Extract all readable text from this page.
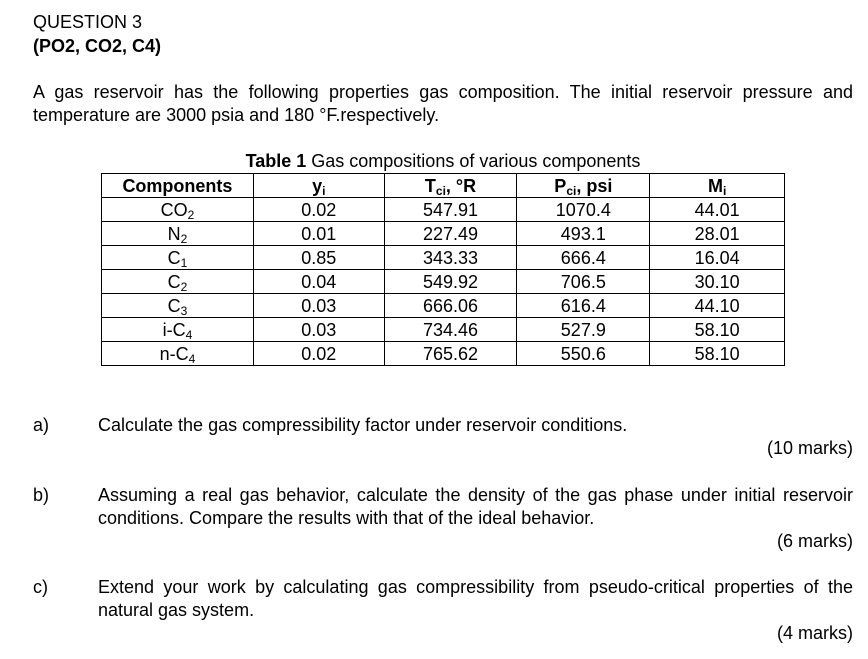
QUESTION 3
(PO2, CO2, C4)

A gas reservoir has the following properties gas composition. The initial reservoir pressure and temperature are 3000 psia and 180 °F.respectively.

Table 1 Gas compositions of various components
Components	$y_i$	$T_{ci}$, °R	$P_{ci}$, psi	$M_i$
$CO_2$	0.02	547.91	1070.4	44.01
$N_2$	0.01	227.49	493.1	28.01
$C_1$	0.85	343.33	666.4	16.04
$C_2$	0.04	549.92	706.5	30.10
$C_3$	0.03	666.06	616.4	44.10
$i-C_4$	0.03	734.46	527.9	58.10
$n-C_4$	0.02	765.62	550.6	58.10
a)	Calculate the gas compressibility factor under reservoir conditions.

(10 marks)
b)	Assuming a real gas behavior, calculate the density of the gas phase under initial reservoir conditions. Compare the results with that of the ideal behavior.

(6 marks)
c)	Extend your work by calculating gas compressibility from pseudo-critical properties of the natural gas system.

(4 marks)
